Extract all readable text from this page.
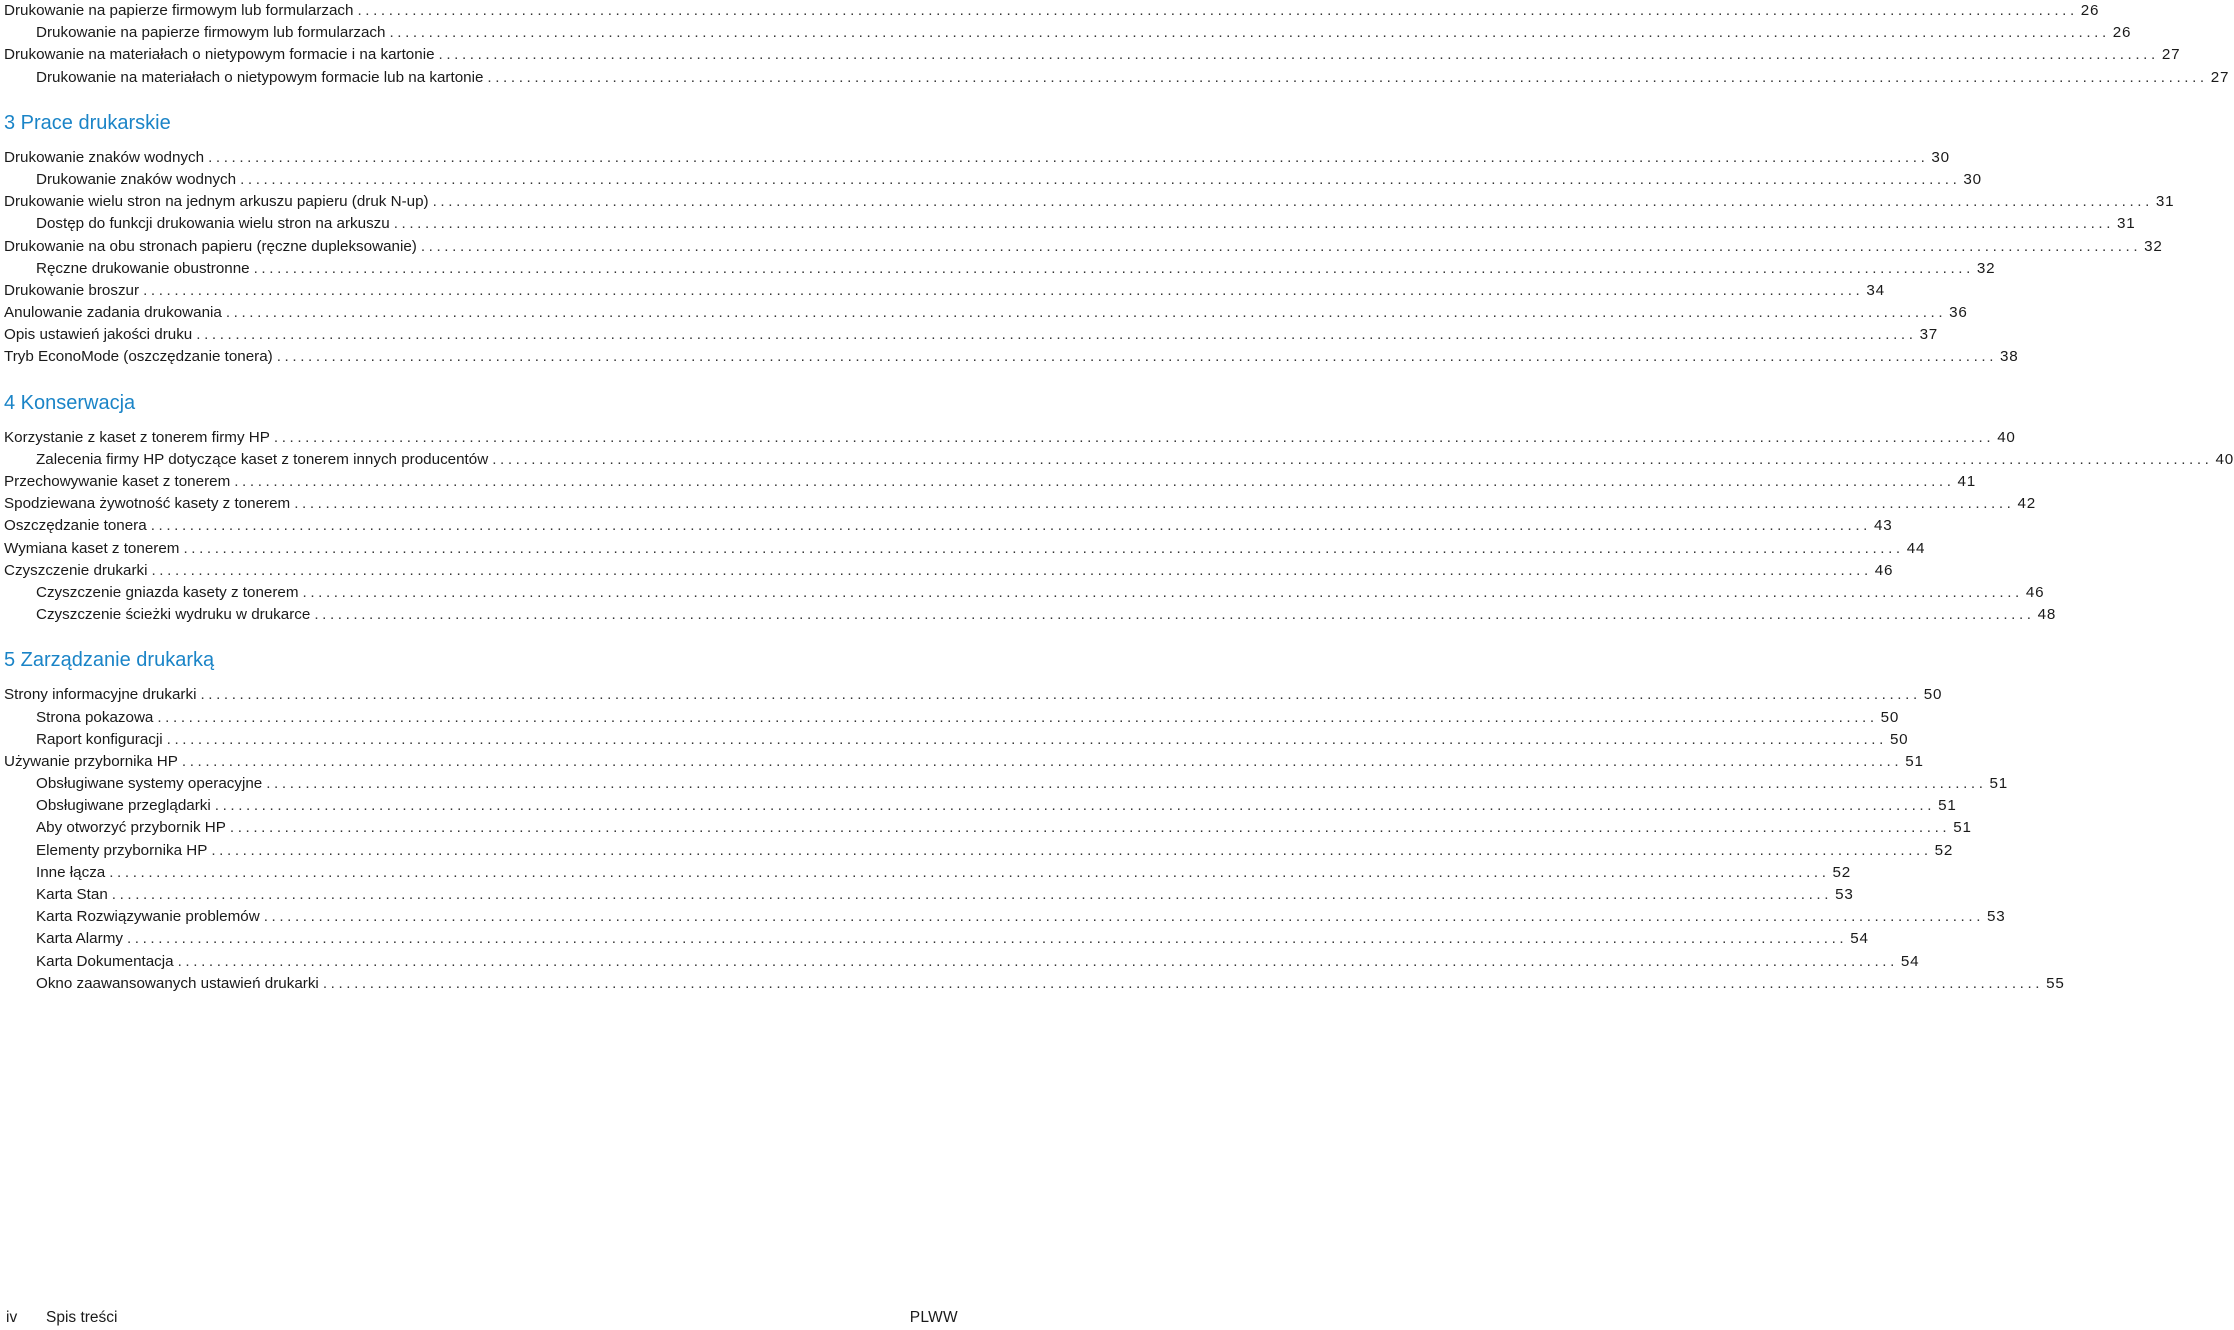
Drukowanie na papierze firmowym lub formularzach ............................................................................................................................................................................................................................ 26
Drukowanie na papierze firmowym lub formularzach ............................................................................................................................................................................................................................ 26
Drukowanie na materiałach o nietypowym formacie i na kartonie ............................................................................................................................................................................................................................ 27
Drukowanie na materiałach o nietypowym formacie lub na kartonie ............................................................................................................................................................................................................................ 27
3 Prace drukarskie
Drukowanie znaków wodnych ............................................................................................................................................................................................................................ 30
Drukowanie znaków wodnych ............................................................................................................................................................................................................................ 30
Drukowanie wielu stron na jednym arkuszu papieru (druk N-up) ............................................................................................................................................................................................................................ 31
Dostęp do funkcji drukowania wielu stron na arkuszu ............................................................................................................................................................................................................................ 31
Drukowanie na obu stronach papieru (ręczne dupleksowanie) ............................................................................................................................................................................................................................ 32
Ręczne drukowanie obustronne ............................................................................................................................................................................................................................ 32
Drukowanie broszur ............................................................................................................................................................................................................................ 34
Anulowanie zadania drukowania ............................................................................................................................................................................................................................ 36
Opis ustawień jakości druku ............................................................................................................................................................................................................................ 37
Tryb EconoMode (oszczędzanie tonera) ............................................................................................................................................................................................................................ 38
4 Konserwacja
Korzystanie z kaset z tonerem firmy HP ............................................................................................................................................................................................................................ 40
Zalecenia firmy HP dotyczące kaset z tonerem innych producentów ............................................................................................................................................................................................................................ 40
Przechowywanie kaset z tonerem ............................................................................................................................................................................................................................ 41
Spodziewana żywotność kasety z tonerem ............................................................................................................................................................................................................................ 42
Oszczędzanie tonera ............................................................................................................................................................................................................................ 43
Wymiana kaset z tonerem ............................................................................................................................................................................................................................ 44
Czyszczenie drukarki ............................................................................................................................................................................................................................ 46
Czyszczenie gniazda kasety z tonerem ............................................................................................................................................................................................................................ 46
Czyszczenie ścieżki wydruku w drukarce ............................................................................................................................................................................................................................ 48
5 Zarządzanie drukarką
Strony informacyjne drukarki ............................................................................................................................................................................................................................ 50
Strona pokazowa ............................................................................................................................................................................................................................ 50
Raport konfiguracji ............................................................................................................................................................................................................................ 50
Używanie przybornika HP ............................................................................................................................................................................................................................ 51
Obsługiwane systemy operacyjne ............................................................................................................................................................................................................................ 51
Obsługiwane przeglądarki ............................................................................................................................................................................................................................ 51
Aby otworzyć przybornik HP ............................................................................................................................................................................................................................ 51
Elementy przybornika HP ............................................................................................................................................................................................................................ 52
Inne łącza ............................................................................................................................................................................................................................ 52
Karta Stan ............................................................................................................................................................................................................................ 53
Karta Rozwiązywanie problemów ............................................................................................................................................................................................................................ 53
Karta Alarmy ............................................................................................................................................................................................................................ 54
Karta Dokumentacja ............................................................................................................................................................................................................................ 54
Okno zaawansowanych ustawień drukarki ............................................................................................................................................................................................................................ 55
iv Spis treści	PLWW
